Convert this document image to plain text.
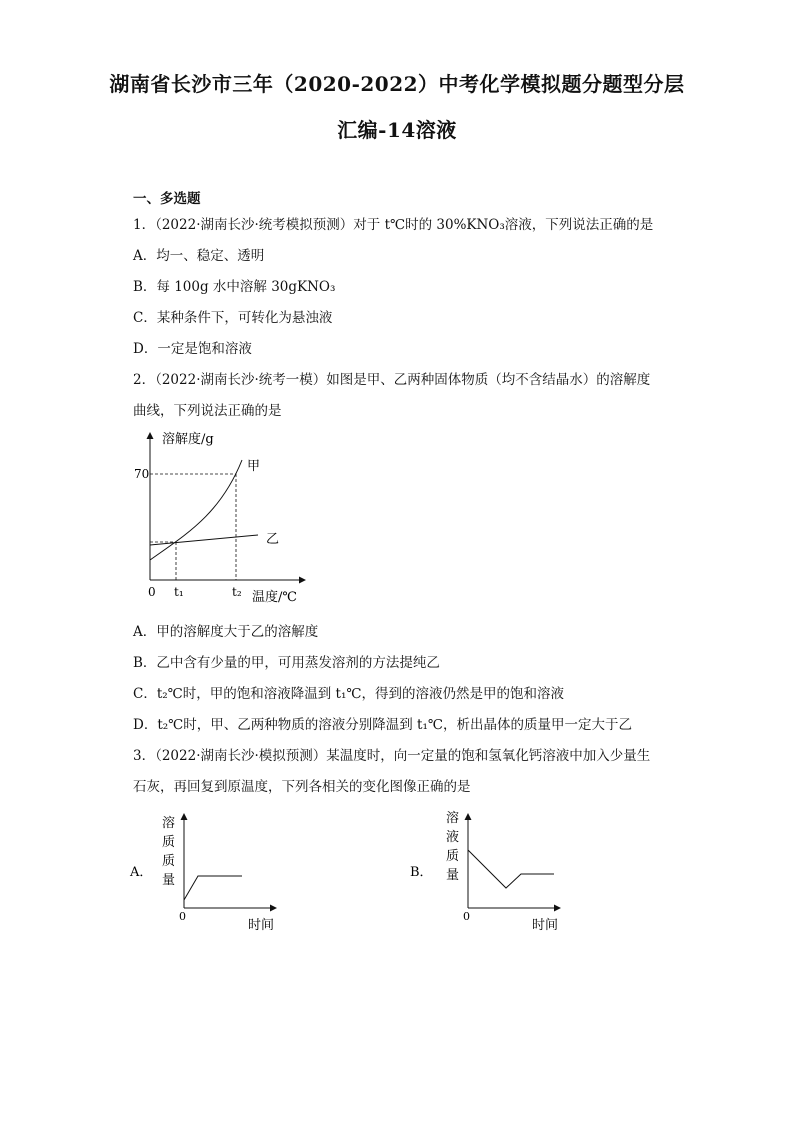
湖南省长沙市三年（2020-2022）中考化学模拟题分题型分层
汇编-14溶液
一、多选题
1．（2022·湖南长沙·统考模拟预测）对于 t℃时的 30%KNO₃溶液，下列说法正确的是
A．均一、稳定、透明
B．每 100g 水中溶解 30gKNO₃
C．某种条件下，可转化为悬浊液
D．一定是饱和溶液
2．（2022·湖南长沙·统考一模）如图是甲、乙两种固体物质（均不含结晶水）的溶解度
曲线，下列说法正确的是
溶解度/g
温度/℃
0
70
t₁	t₂
甲
乙
A．甲的溶解度大于乙的溶解度
B．乙中含有少量的甲，可用蒸发溶剂的方法提纯乙
C．t₂℃时，甲的饱和溶液降温到 t₁℃，得到的溶液仍然是甲的饱和溶液
D．t₂℃时，甲、乙两种物质的溶液分别降温到 t₁℃，析出晶体的质量甲一定大于乙
3．（2022·湖南长沙·模拟预测）某温度时，向一定量的饱和氢氧化钙溶液中加入少量生
石灰，再回复到原温度，下列各相关的变化图像正确的是
A．
溶
质
质
量
0
时间
B．
溶
液
质
量
0
时间
